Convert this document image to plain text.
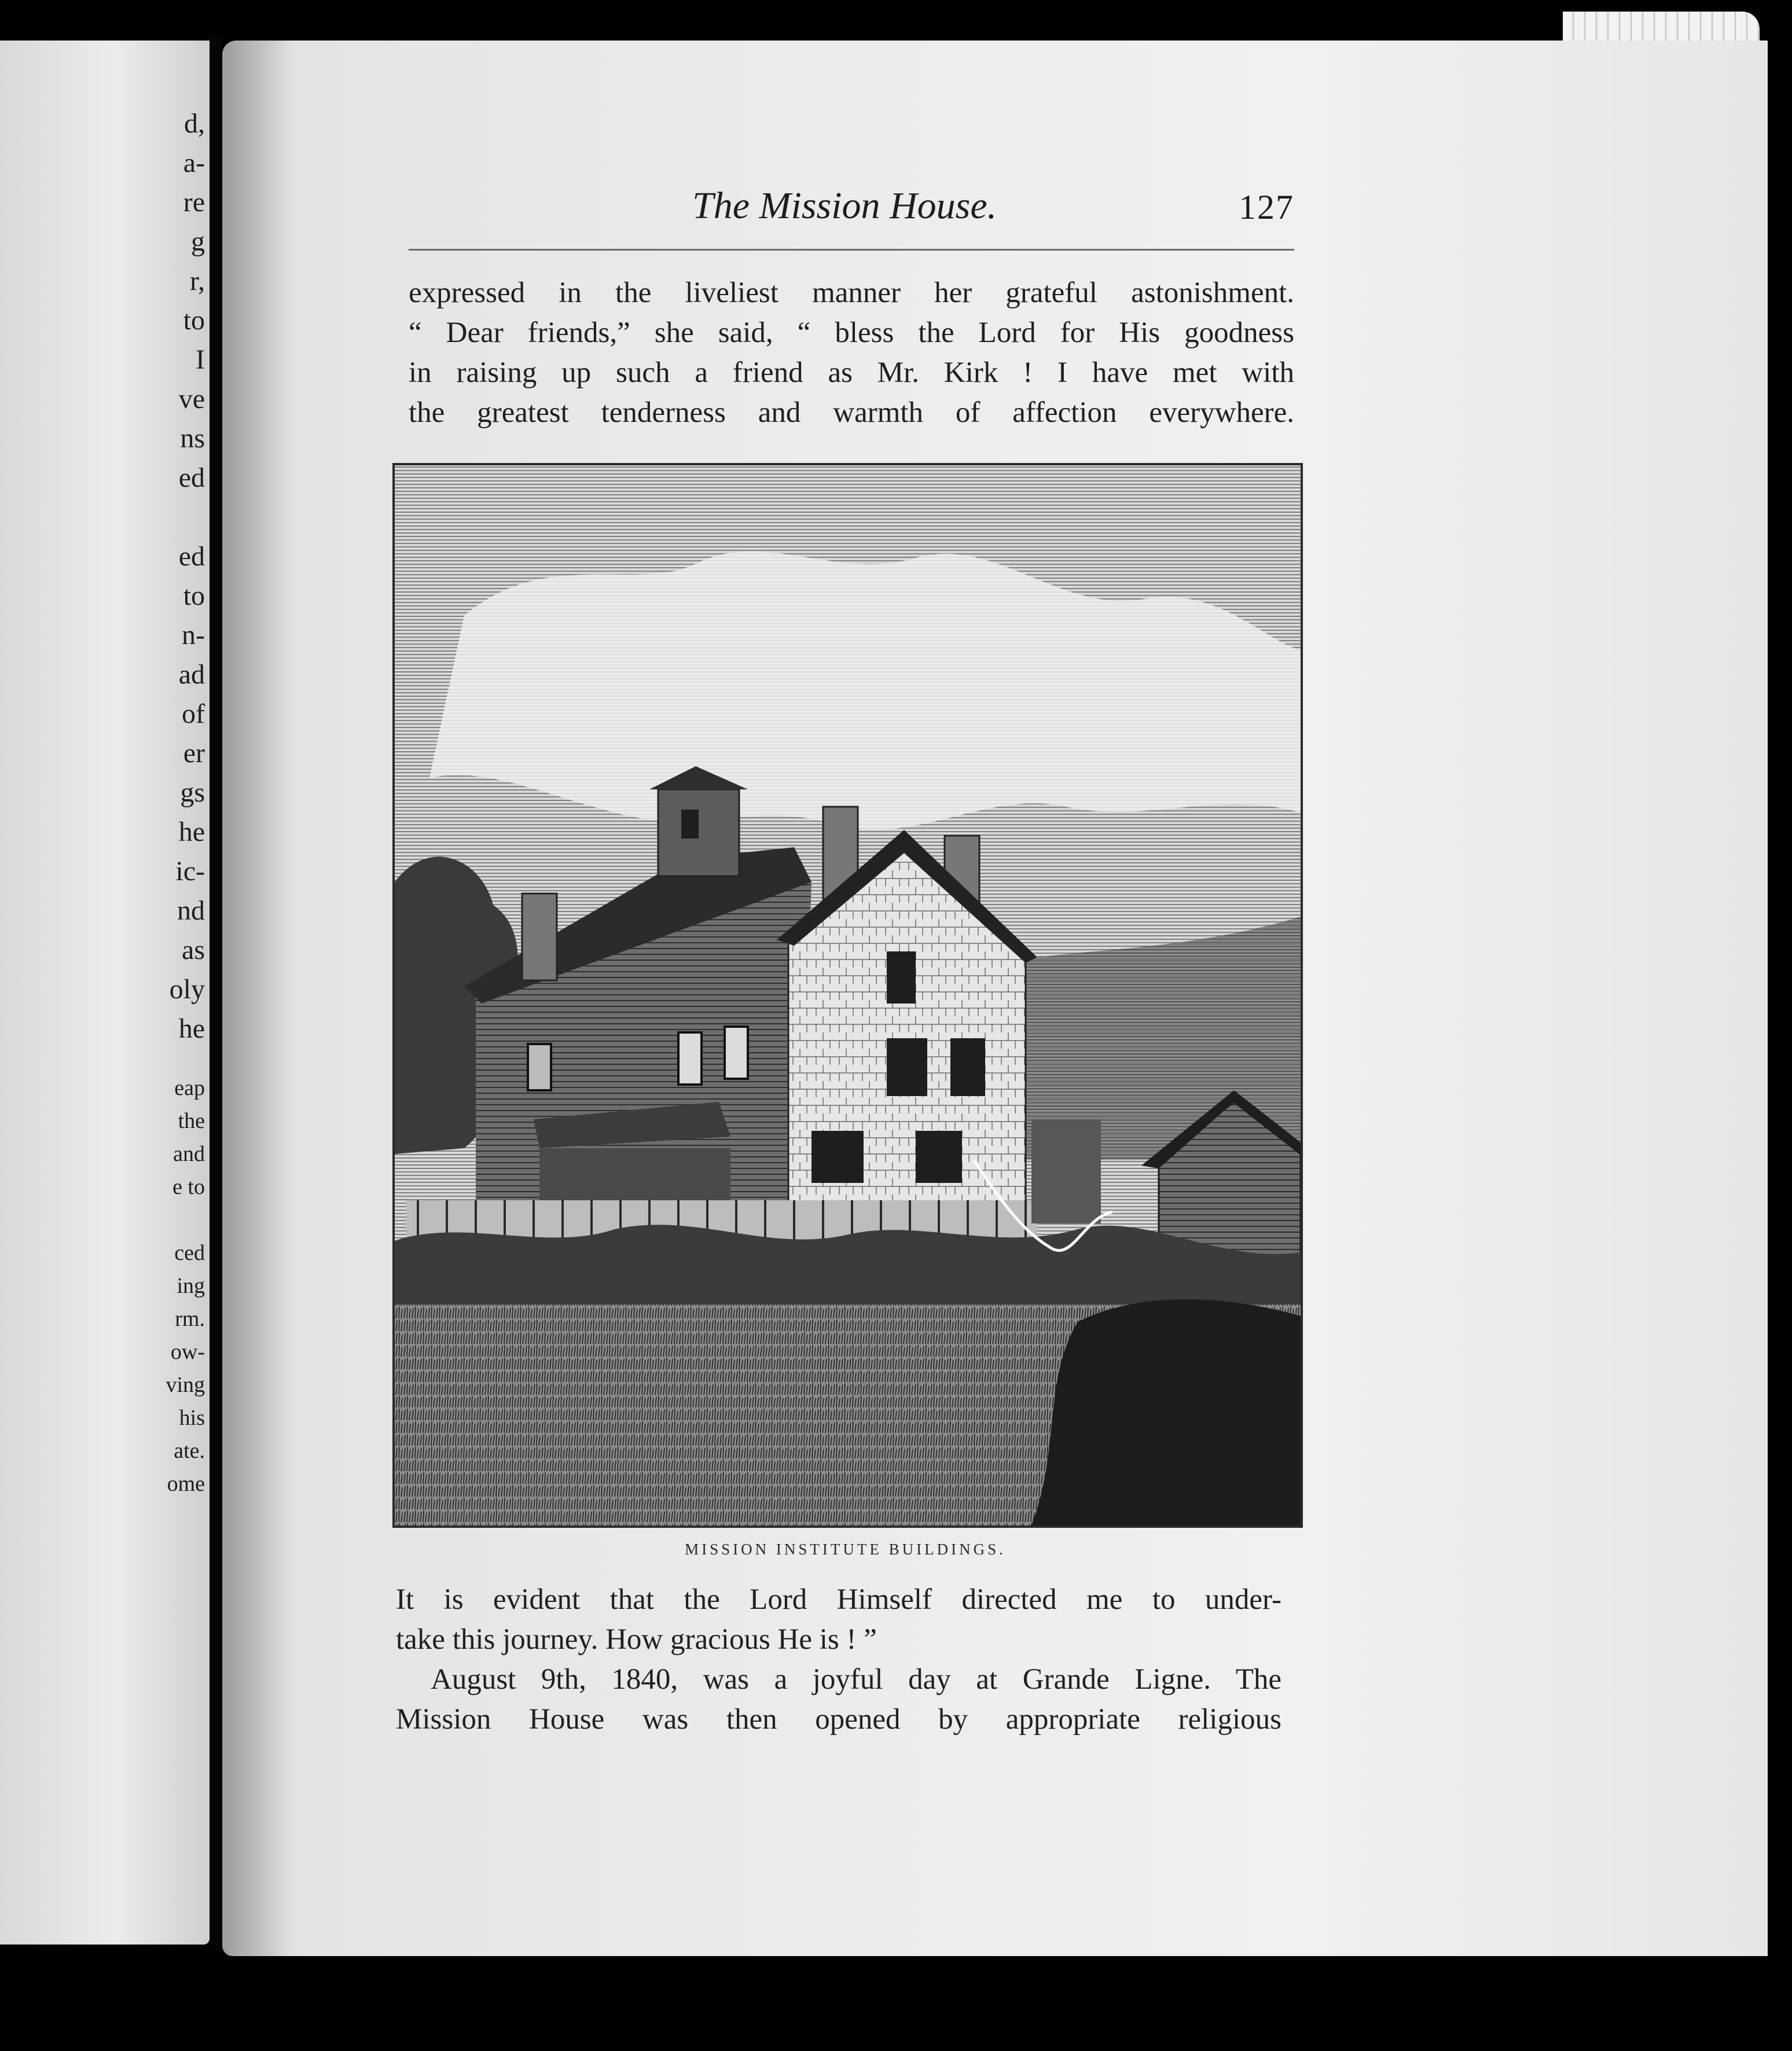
d,
a-
re
g
r,
to
I
ve
ns
ed
ed
to
n-
ad
of
er
gs
he
ic-
nd
as
oly
he
eap
the
and
e to
ced
ing
rm.
ow-
ving
his
ate.
ome
The Mission House.	127
expressed in the liveliest manner her grateful astonishment.
“ Dear friends,” she said, “ bless the Lord for His goodness
in raising up such a friend as Mr. Kirk ! I have met with
the greatest tenderness and warmth of affection everywhere.
MISSION INSTITUTE BUILDINGS.
It is evident that the Lord Himself directed me to under-
take this journey. How gracious He is ! ”
August 9th, 1840, was a joyful day at Grande Ligne. The
Mission House was then opened by appropriate religious
